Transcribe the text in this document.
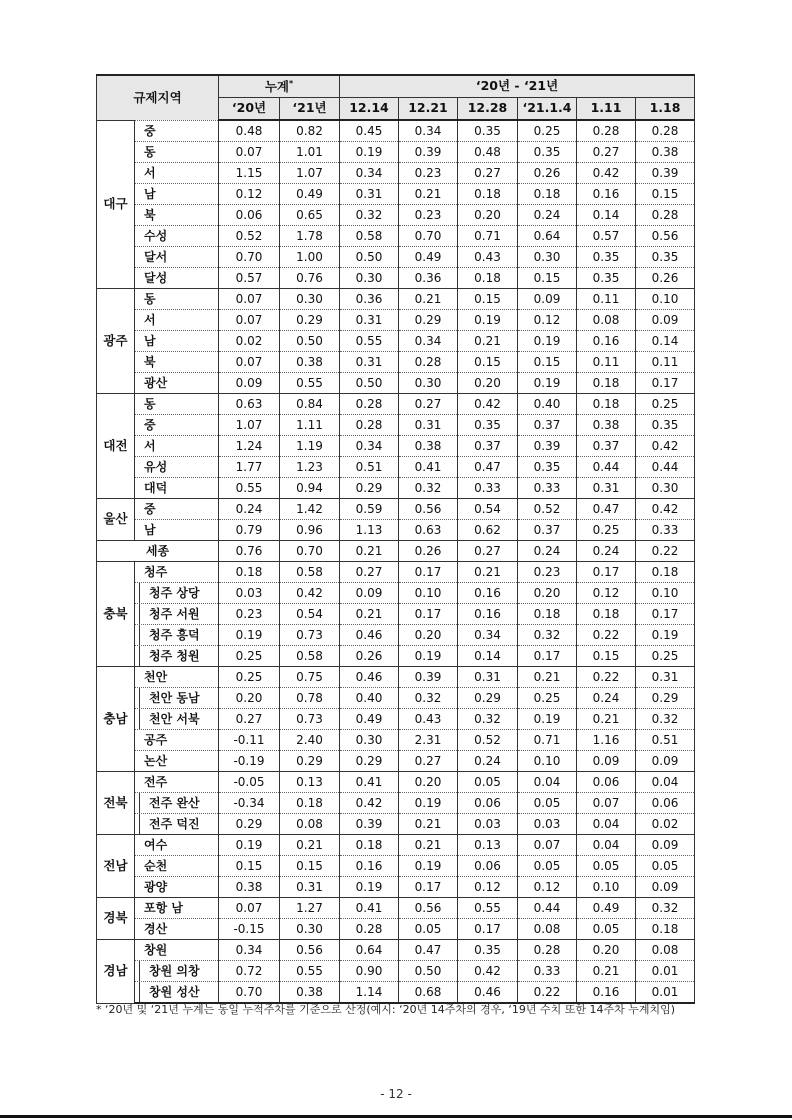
규제지역		누계*		‘20년 - ‘21년					
		‘20년	‘21년	12.14	12.21	12.28	‘21.1.4	1.11	1.18
대구	중	0.48	0.82	0.45	0.34	0.35	0.25	0.28	0.28
	동	0.07	1.01	0.19	0.39	0.48	0.35	0.27	0.38
	서	1.15	1.07	0.34	0.23	0.27	0.26	0.42	0.39
	남	0.12	0.49	0.31	0.21	0.18	0.18	0.16	0.15
	북	0.06	0.65	0.32	0.23	0.20	0.24	0.14	0.28
	수성	0.52	1.78	0.58	0.70	0.71	0.64	0.57	0.56
	달서	0.70	1.00	0.50	0.49	0.43	0.30	0.35	0.35
	달성	0.57	0.76	0.30	0.36	0.18	0.15	0.35	0.26
광주	동	0.07	0.30	0.36	0.21	0.15	0.09	0.11	0.10
	서	0.07	0.29	0.31	0.29	0.19	0.12	0.08	0.09
	남	0.02	0.50	0.55	0.34	0.21	0.19	0.16	0.14
	북	0.07	0.38	0.31	0.28	0.15	0.15	0.11	0.11
	광산	0.09	0.55	0.50	0.30	0.20	0.19	0.18	0.17
대전	동	0.63	0.84	0.28	0.27	0.42	0.40	0.18	0.25
	중	1.07	1.11	0.28	0.31	0.35	0.37	0.38	0.35
	서	1.24	1.19	0.34	0.38	0.37	0.39	0.37	0.42
	유성	1.77	1.23	0.51	0.41	0.47	0.35	0.44	0.44
	대덕	0.55	0.94	0.29	0.32	0.33	0.33	0.31	0.30
울산	중	0.24	1.42	0.59	0.56	0.54	0.52	0.47	0.42
	남	0.79	0.96	1.13	0.63	0.62	0.37	0.25	0.33
세종		0.76	0.70	0.21	0.26	0.27	0.24	0.24	0.22
충북	청주	0.18	0.58	0.27	0.17	0.21	0.23	0.17	0.18
	청주 상당	0.03	0.42	0.09	0.10	0.16	0.20	0.12	0.10
	청주 서원	0.23	0.54	0.21	0.17	0.16	0.18	0.18	0.17
	청주 흥덕	0.19	0.73	0.46	0.20	0.34	0.32	0.22	0.19
	청주 청원	0.25	0.58	0.26	0.19	0.14	0.17	0.15	0.25
충남	천안	0.25	0.75	0.46	0.39	0.31	0.21	0.22	0.31
	천안 동남	0.20	0.78	0.40	0.32	0.29	0.25	0.24	0.29
	천안 서북	0.27	0.73	0.49	0.43	0.32	0.19	0.21	0.32
	공주	-0.11	2.40	0.30	2.31	0.52	0.71	1.16	0.51
	논산	-0.19	0.29	0.29	0.27	0.24	0.10	0.09	0.09
전북	전주	-0.05	0.13	0.41	0.20	0.05	0.04	0.06	0.04
	전주 완산	-0.34	0.18	0.42	0.19	0.06	0.05	0.07	0.06
	전주 덕진	0.29	0.08	0.39	0.21	0.03	0.03	0.04	0.02
전남	여수	0.19	0.21	0.18	0.21	0.13	0.07	0.04	0.09
	순천	0.15	0.15	0.16	0.19	0.06	0.05	0.05	0.05
	광양	0.38	0.31	0.19	0.17	0.12	0.12	0.10	0.09
경북	포항 남	0.07	1.27	0.41	0.56	0.55	0.44	0.49	0.32
	경산	-0.15	0.30	0.28	0.05	0.17	0.08	0.05	0.18
경남	창원	0.34	0.56	0.64	0.47	0.35	0.28	0.20	0.08
	창원 의창	0.72	0.55	0.90	0.50	0.42	0.33	0.21	0.01
	창원 성산	0.70	0.38	1.14	0.68	0.46	0.22	0.16	0.01
* ‘20년 및 ‘21년 누계는 동일 누적주차를 기준으로 산정(예시: ‘20년 14주차의 경우, ‘19년 수치 또한 14주차 누계치임)
- 12 -
